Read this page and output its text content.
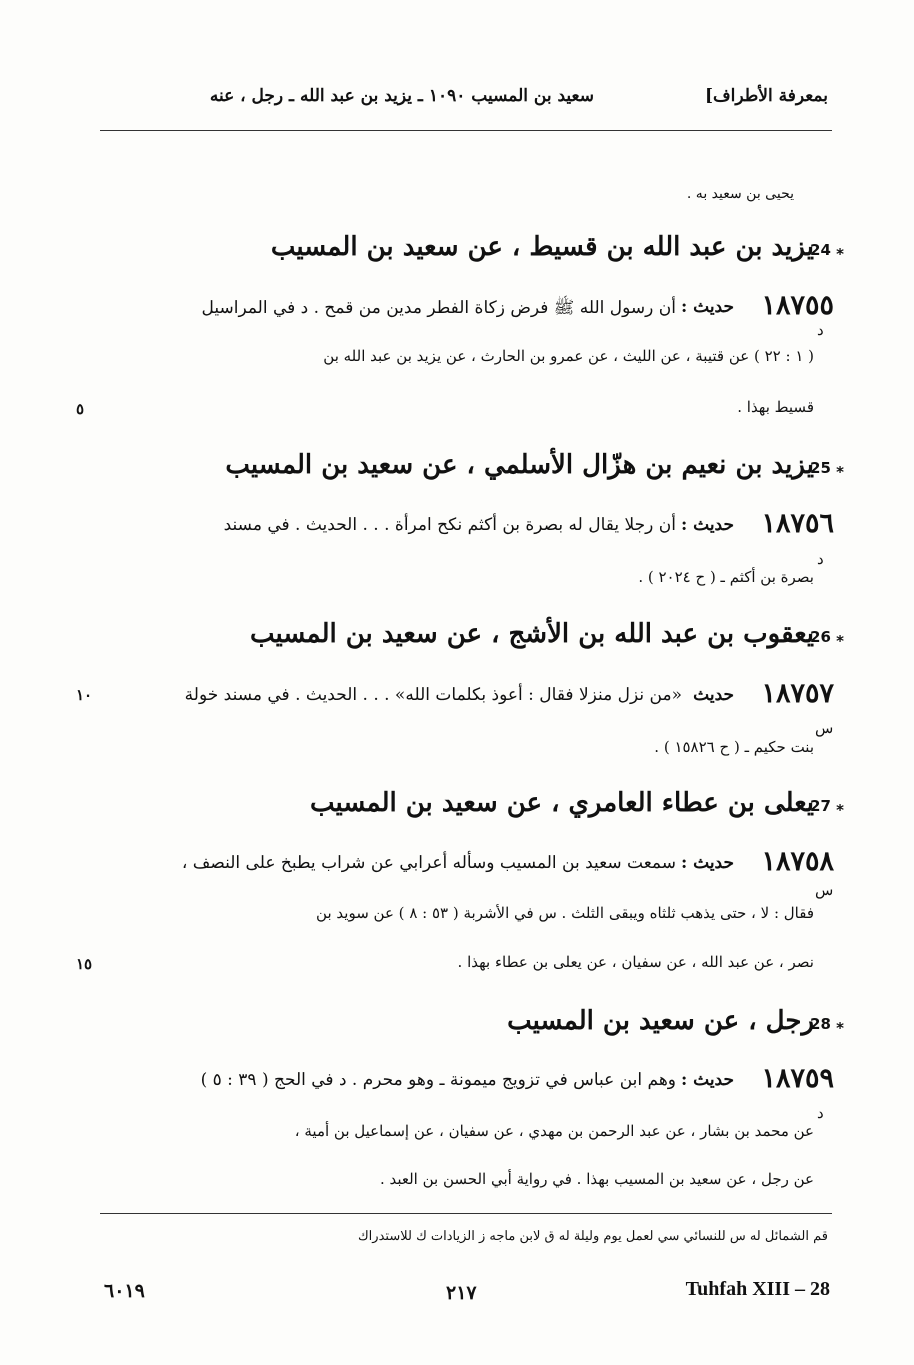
بمعرفة الأطراف]
سعيد بن المسيب ١٠٩٠ ـ يزيد بن عبد الله ـ رجل ، عنه
يحيى بن سعيد به .
24 ⁎
يزيد بن عبد الله بن قسيط ، عن سعيد بن المسيب
١٨٧٥٥
حديث :
أن رسول الله ﷺ فرض زكاة الفطر مدين من قمح . د في المراسيل
د
( ١ : ٢٢ ) عن قتيبة ، عن الليث ، عن عمرو بن الحارث ، عن يزيد بن عبد الله بن
قسيط بهذا .
٥
25 ⁎
يزيد بن نعيم بن هزّال الأسلمي ، عن سعيد بن المسيب
١٨٧٥٦
حديث :
أن رجلا يقال له بصرة بن أكثم نكح امرأة . . . الحديث . في مسند
د
بصرة بن أكثم ـ ( ح ٢٠٢٤ ) .
26 ⁎
يعقوب بن عبد الله بن الأشج ، عن سعيد بن المسيب
١٨٧٥٧
حديث
«من نزل منزلا فقال : أعوذ بكلمات الله» . . . الحديث . في مسند خولة
١٠
س
بنت حكيم ـ ( ح ١٥٨٢٦ ) .
27 ⁎
يعلى بن عطاء العامري ، عن سعيد بن المسيب
١٨٧٥٨
حديث :
سمعت سعيد بن المسيب وسأله أعرابي عن شراب يطبخ على النصف ،
س
فقال : لا ، حتى يذهب ثلثاه ويبقى الثلث . س في الأشربة ( ٥٣ : ٨ ) عن سويد بن
نصر ، عن عبد الله ، عن سفيان ، عن يعلى بن عطاء بهذا .
١٥
28 ⁎
رجل ، عن سعيد بن المسيب
١٨٧٥٩
حديث :
وهم ابن عباس في تزويج ميمونة ـ وهو محرم . د في الحج ( ٣٩ : ٥ )
د
عن محمد بن بشار ، عن عبد الرحمن بن مهدي ، عن سفيان ، عن إسماعيل بن أمية ،
عن رجل ، عن سعيد بن المسيب بهذا . في رواية أبي الحسن بن العبد .
قم الشمائل له س للنسائي سي لعمل يوم وليلة له ق لابن ماجه ز الزيادات ك للاستدراك
٦٠١٩	٢١٧	Tuhfah XIII – 28
